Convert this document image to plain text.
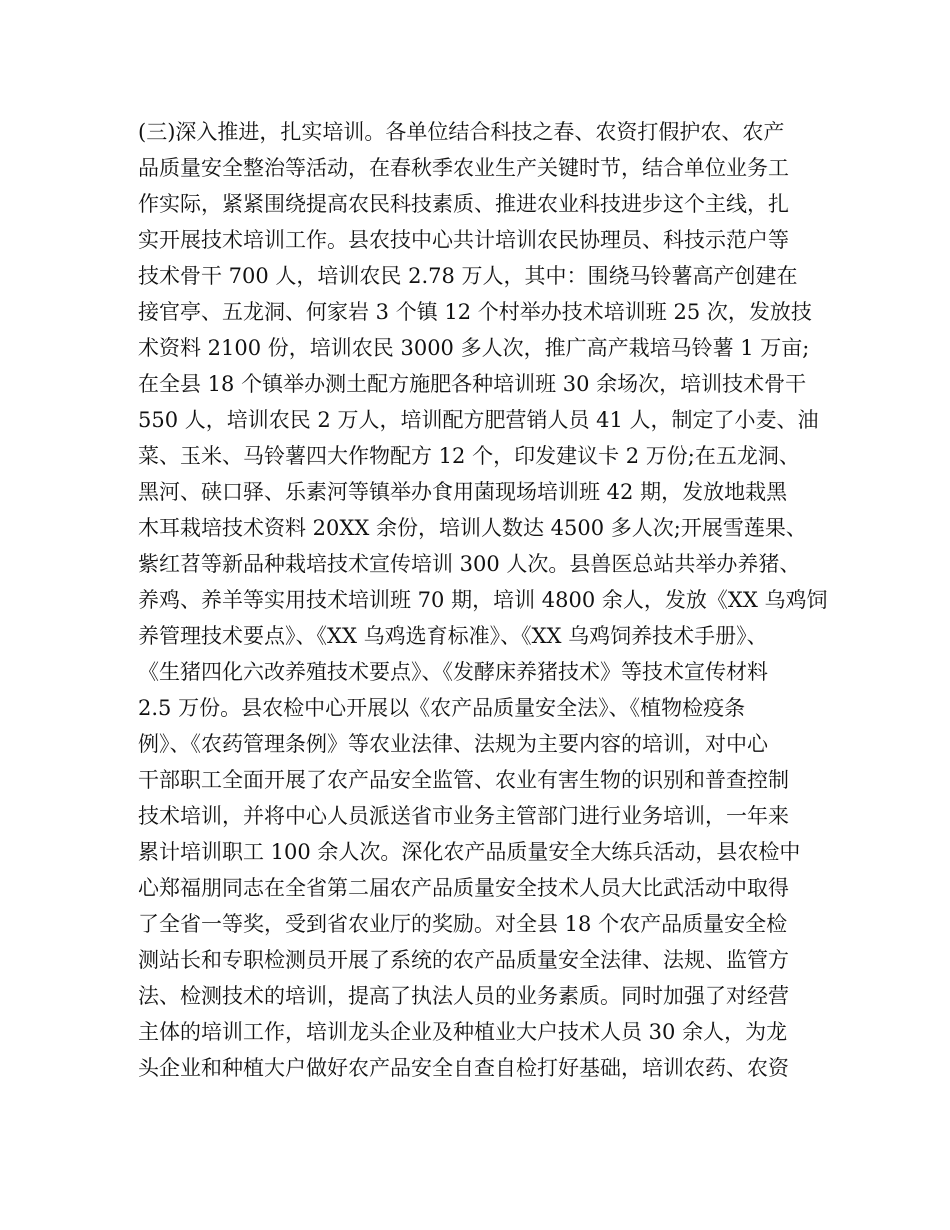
(三)深入推进，扎实培训。各单位结合科技之春、农资打假护农、农产
品质量安全整治等活动，在春秋季农业生产关键时节，结合单位业务工
作实际，紧紧围绕提高农民科技素质、推进农业科技进步这个主线，扎
实开展技术培训工作。县农技中心共计培训农民协理员、科技示范户等
技术骨干 700 人，培训农民 2.78 万人，其中：围绕马铃薯高产创建在
接官亭、五龙洞、何家岩 3 个镇 12 个村举办技术培训班 25 次，发放技
术资料 2100 份，培训农民 3000 多人次，推广高产栽培马铃薯 1 万亩;
在全县 18 个镇举办测土配方施肥各种培训班 30 余场次，培训技术骨干
550 人，培训农民 2 万人，培训配方肥营销人员 41 人，制定了小麦、油
菜、玉米、马铃薯四大作物配方 12 个，印发建议卡 2 万份;在五龙洞、
黑河、硖口驿、乐素河等镇举办食用菌现场培训班 42 期，发放地栽黑
木耳栽培技术资料 20XX 余份，培训人数达 4500 多人次;开展雪莲果、
紫红苕等新品种栽培技术宣传培训 300 人次。县兽医总站共举办养猪、
养鸡、养羊等实用技术培训班 70 期，培训 4800 余人，发放《XX 乌鸡饲
养管理技术要点》、《XX 乌鸡选育标准》、《XX 乌鸡饲养技术手册》、
《生猪四化六改养殖技术要点》、《发酵床养猪技术》等技术宣传材料
2.5 万份。县农检中心开展以《农产品质量安全法》、《植物检疫条
例》、《农药管理条例》等农业法律、法规为主要内容的培训，对中心
干部职工全面开展了农产品安全监管、农业有害生物的识别和普查控制
技术培训，并将中心人员派送省市业务主管部门进行业务培训，一年来
累计培训职工 100 余人次。深化农产品质量安全大练兵活动，县农检中
心郑福朋同志在全省第二届农产品质量安全技术人员大比武活动中取得
了全省一等奖，受到省农业厅的奖励。对全县 18 个农产品质量安全检
测站长和专职检测员开展了系统的农产品质量安全法律、法规、监管方
法、检测技术的培训，提高了执法人员的业务素质。同时加强了对经营
主体的培训工作，培训龙头企业及种植业大户技术人员 30 余人，为龙
头企业和种植大户做好农产品安全自查自检打好基础，培训农药、农资
